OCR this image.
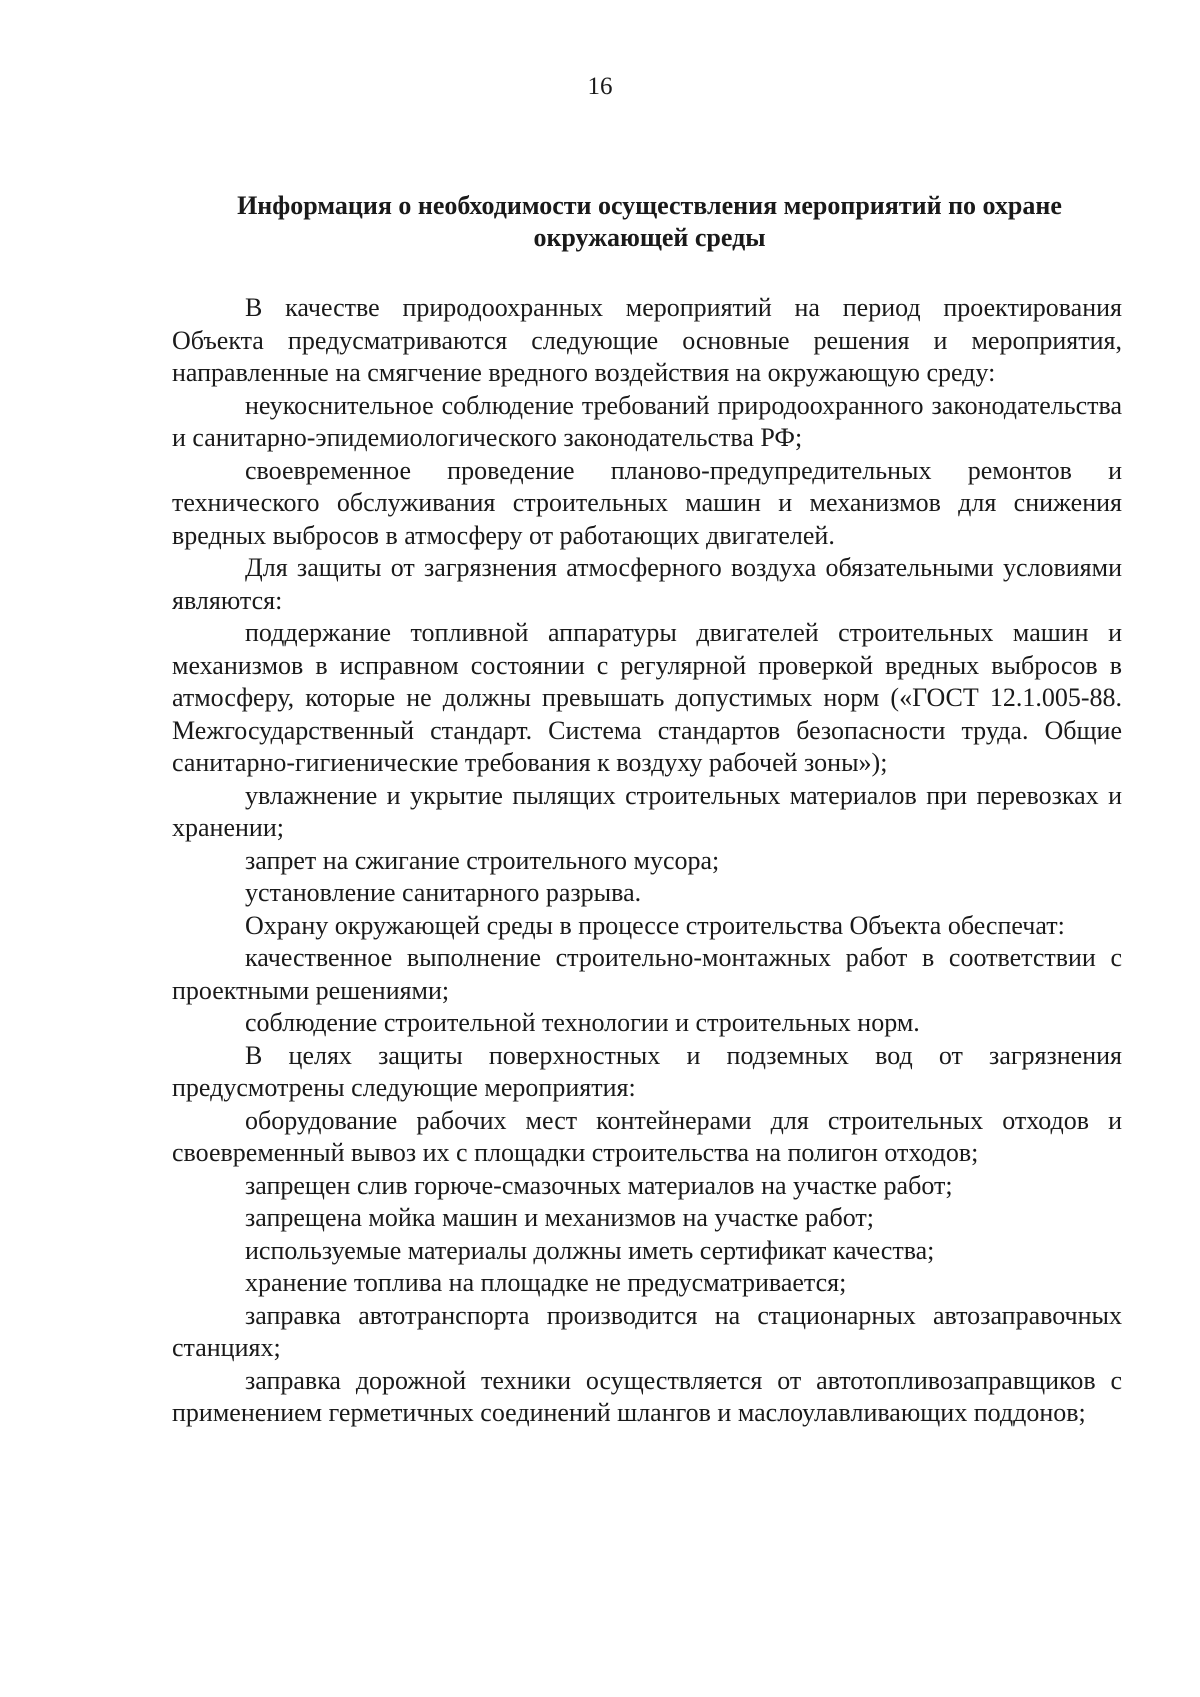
16
Информация о необходимости осуществления мероприятий по охране
окружающей среды

В качестве природоохранных мероприятий на период проектирования Объекта предусматриваются следующие основные решения и мероприятия, направленные на смягчение вредного воздействия на окружающую среду:

неукоснительное соблюдение требований природоохранного законодательства и санитарно-эпидемиологического законодательства РФ;

своевременное проведение планово-предупредительных ремонтов и технического обслуживания строительных машин и механизмов для снижения вредных выбросов в атмосферу от работающих двигателей.

Для защиты от загрязнения атмосферного воздуха обязательными условиями являются:

поддержание топливной аппаратуры двигателей строительных машин и механизмов в исправном состоянии с регулярной проверкой вредных выбросов в атмосферу, которые не должны превышать допустимых норм («ГОСТ 12.1.005-88. Межгосударственный стандарт. Система стандартов безопасности труда. Общие санитарно-гигиенические требования к воздуху рабочей зоны»);

увлажнение и укрытие пылящих строительных материалов при перевозках и хранении;

запрет на сжигание строительного мусора;

установление санитарного разрыва.

Охрану окружающей среды в процессе строительства Объекта обеспечат:

качественное выполнение строительно-монтажных работ в соответствии с проектными решениями;

соблюдение строительной технологии и строительных норм.

В целях защиты поверхностных и подземных вод от загрязнения предусмотрены следующие мероприятия:

оборудование рабочих мест контейнерами для строительных отходов и своевременный вывоз их с площадки строительства на полигон отходов;

запрещен слив горюче-смазочных материалов на участке работ;

запрещена мойка машин и механизмов на участке работ;

используемые материалы должны иметь сертификат качества;

хранение топлива на площадке не предусматривается;

заправка автотранспорта производится на стационарных автозаправочных станциях;

заправка дорожной техники осуществляется от автотопливозаправщиков с применением герметичных соединений шлангов и маслоулавливающих поддонов;
